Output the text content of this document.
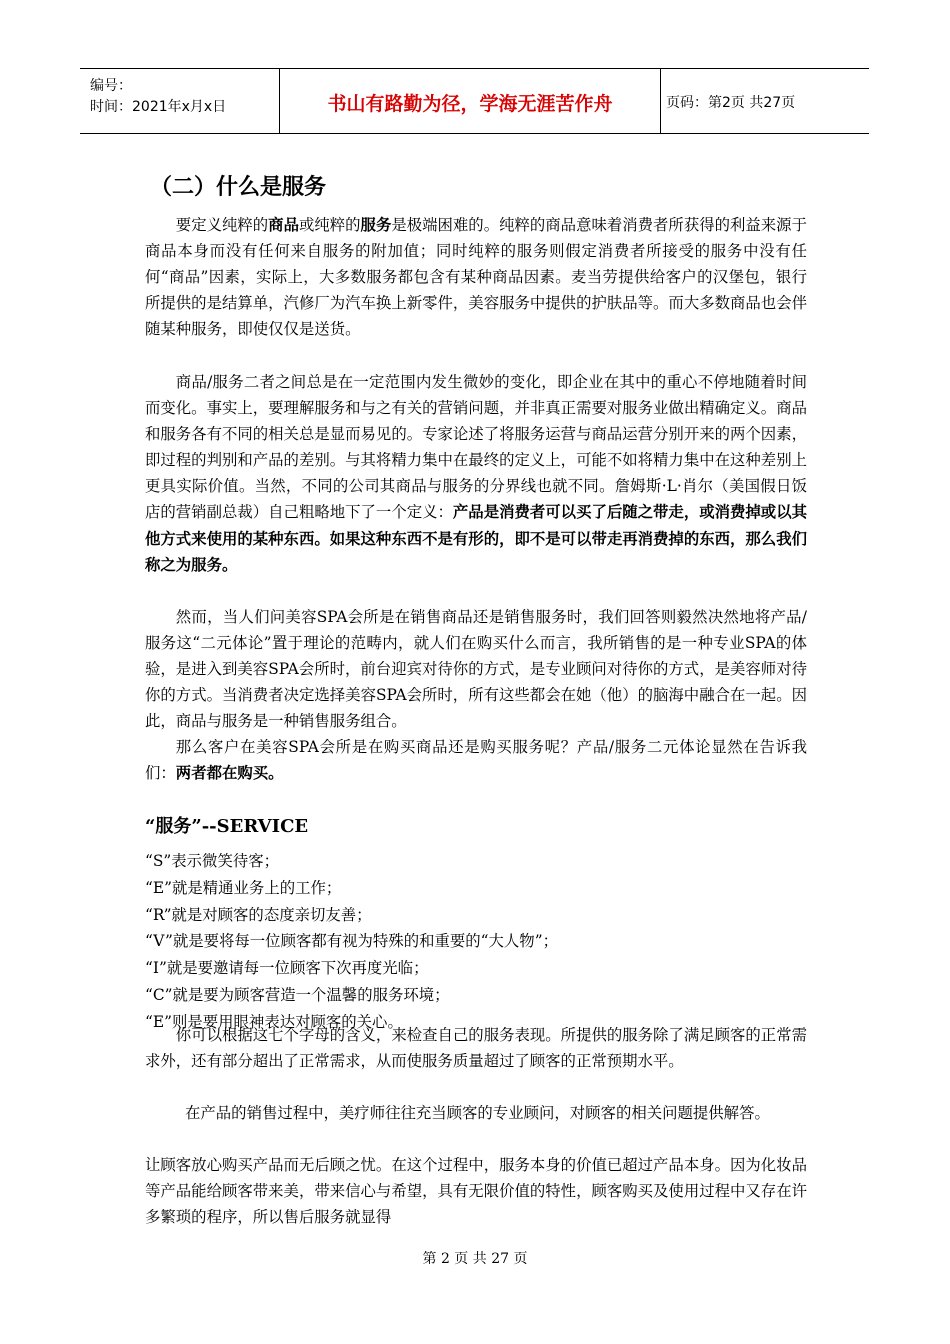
编号：
时间：2021年x月x日	书山有路勤为径，学海无涯苦作舟	页码：第2页 共27页
（二）什么是服务

要定义纯粹的商品或纯粹的服务是极端困难的。纯粹的商品意味着消费者所获得的利益来源于商品本身而没有任何来自服务的附加值；同时纯粹的服务则假定消费者所接受的服务中没有任何“商品”因素，实际上，大多数服务都包含有某种商品因素。麦当劳提供给客户的汉堡包，银行所提供的是结算单，汽修厂为汽车换上新零件，美容服务中提供的护肤品等。而大多数商品也会伴随某种服务，即使仅仅是送货。

商品/服务二者之间总是在一定范围内发生微妙的变化，即企业在其中的重心不停地随着时间而变化。事实上，要理解服务和与之有关的营销问题，并非真正需要对服务业做出精确定义。商品和服务各有不同的相关总是显而易见的。专家论述了将服务运营与商品运营分别开来的两个因素，即过程的判别和产品的差别。与其将精力集中在最终的定义上，可能不如将精力集中在这种差别上更具实际价值。当然，不同的公司其商品与服务的分界线也就不同。詹姆斯·L·肖尔（美国假日饭店的营销副总裁）自己粗略地下了一个定义：产品是消费者可以买了后随之带走，或消费掉或以其他方式来使用的某种东西。如果这种东西不是有形的，即不是可以带走再消费掉的东西，那么我们称之为服务。

然而，当人们问美容SPA会所是在销售商品还是销售服务时，我们回答则毅然决然地将产品/服务这“二元体论”置于理论的范畴内，就人们在购买什么而言，我所销售的是一种专业SPA的体验，是进入到美容SPA会所时，前台迎宾对待你的方式，是专业顾问对待你的方式，是美容师对待你的方式。当消费者决定选择美容SPA会所时，所有这些都会在她（他）的脑海中融合在一起。因此，商品与服务是一种销售服务组合。

那么客户在美容SPA会所是在购买商品还是购买服务呢？产品/服务二元体论显然在告诉我们：两者都在购买。

“服务”--SERVICE
“S”表示微笑待客；
“E”就是精通业务上的工作；
“R”就是对顾客的态度亲切友善；
“V”就是要将每一位顾客都有视为特殊的和重要的“大人物”；
“I”就是要邀请每一位顾客下次再度光临；
“C”就是要为顾客营造一个温馨的服务环境；
“E”则是要用眼神表达对顾客的关心。

你可以根据这七个字母的含义，来检查自己的服务表现。所提供的服务除了满足顾客的正常需求外，还有部分超出了正常需求，从而使服务质量超过了顾客的正常预期水平。

在产品的销售过程中，美疗师往往充当顾客的专业顾问，对顾客的相关问题提供解答。

让顾客放心购买产品而无后顾之忧。在这个过程中，服务本身的价值已超过产品本身。因为化妆品等产品能给顾客带来美，带来信心与希望，具有无限价值的特性，顾客购买及使用过程中又存在许多繁琐的程序，所以售后服务就显得

第 2 页 共 27 页
